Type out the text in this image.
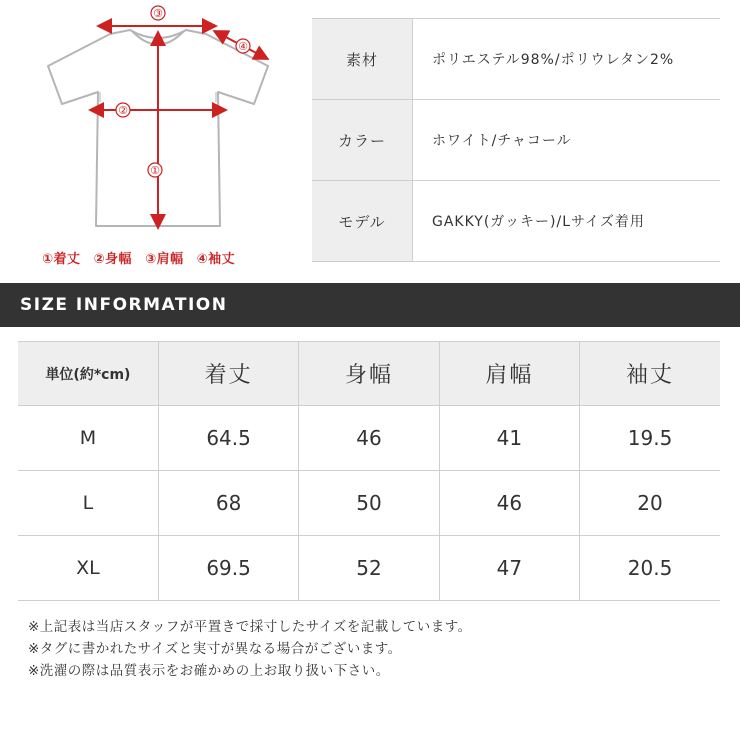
③
④
②
①
①着丈 ②身幅 ③肩幅 ④袖丈
素材	ポリエステル98%/ポリウレタン2%
カラー	ホワイト/チャコール
モデル	GAKKY(ガッキー)/Lサイズ着用
SIZE INFORMATION
単位(約*cm)	着丈	身幅	肩幅	袖丈
M	64.5	46	41	19.5
L	68	50	46	20
XL	69.5	52	47	20.5
※上記表は当店スタッフが平置きで採寸したサイズを記載しています。
※タグに書かれたサイズと実寸が異なる場合がございます。
※洗濯の際は品質表示をお確かめの上お取り扱い下さい。
